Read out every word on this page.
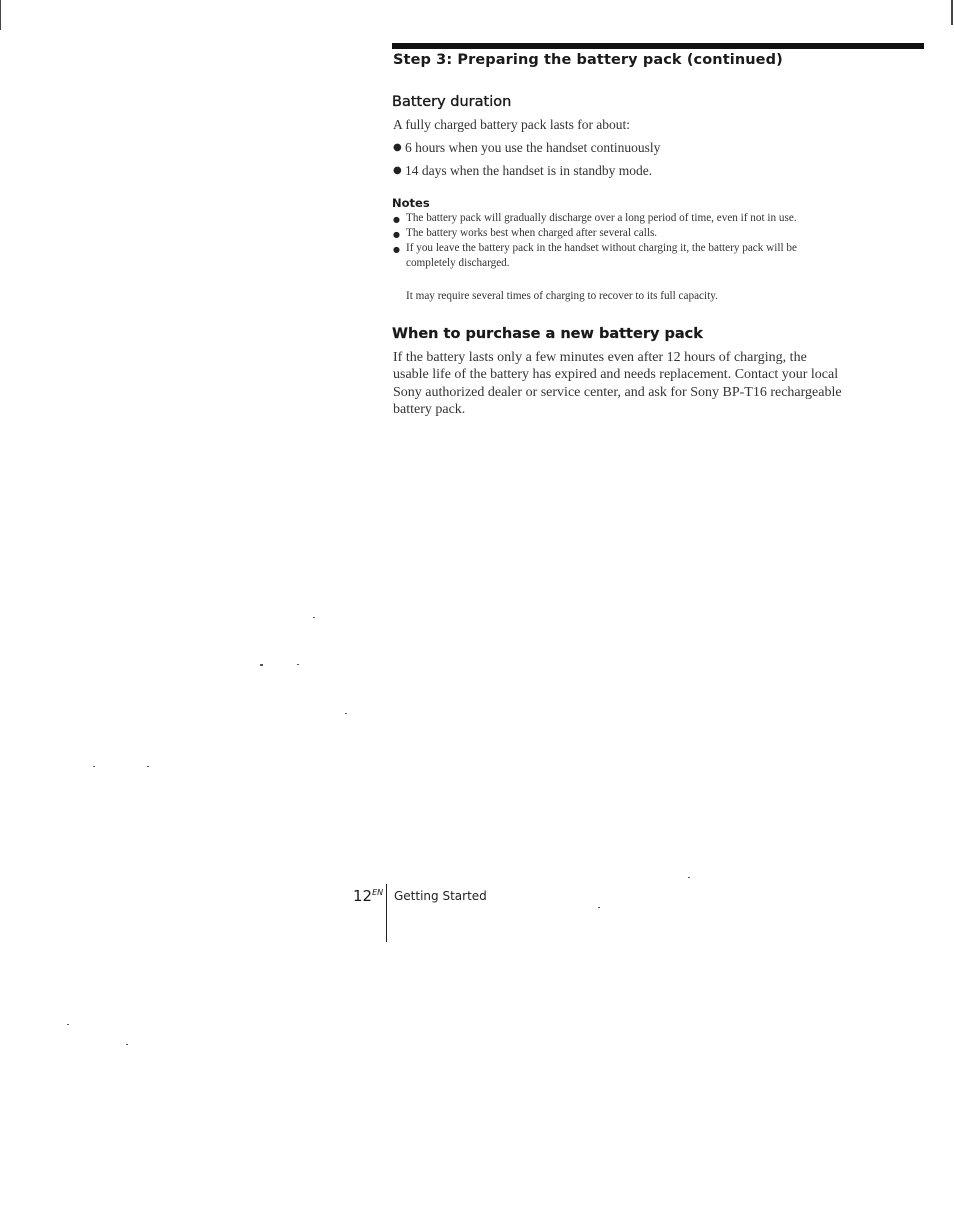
Step 3: Preparing the battery pack (continued)
Battery duration
A fully charged battery pack lasts for about:
● 6 hours when you use the handset continuously
● 14 days when the handset is in standby mode.
Notes
● The battery pack will gradually discharge over a long period of time, even if not in use.
● The battery works best when charged after several calls.
● If you leave the battery pack in the handset without charging it, the battery pack will be completely discharged.
It may require several times of charging to recover to its full capacity.
When to purchase a new battery pack
If the battery lasts only a few minutes even after 12 hours of charging, the usable life of the battery has expired and needs replacement. Contact your local Sony authorized dealer or service center, and ask for Sony BP-T16 rechargeable battery pack.
$12^{EN}$ Getting Started
